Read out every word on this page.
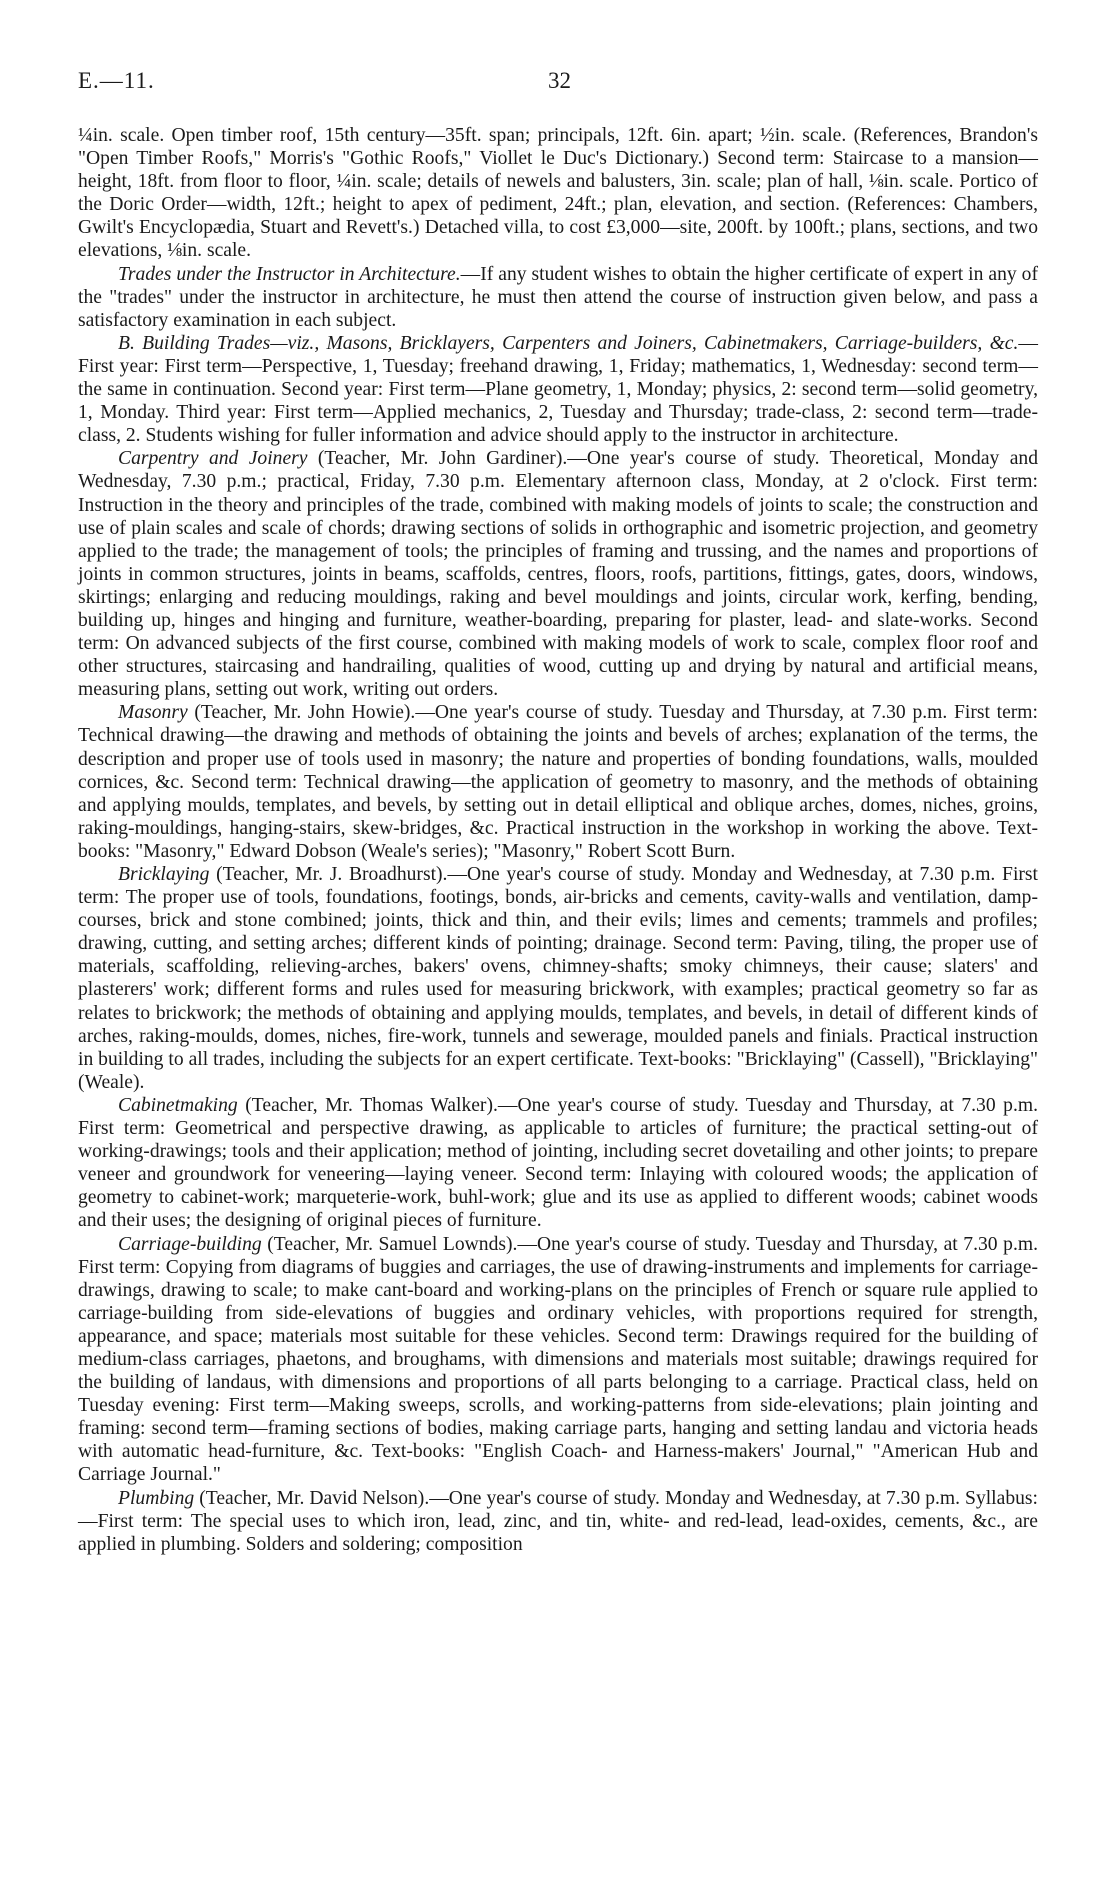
E.—11.	32

¼in. scale. Open timber roof, 15th century—35ft. span; principals, 12ft. 6in. apart; ½in. scale. (References, Brandon's "Open Timber Roofs," Morris's "Gothic Roofs," Viollet le Duc's Dictionary.) Second term: Staircase to a mansion—height, 18ft. from floor to floor, ¼in. scale; details of newels and balusters, 3in. scale; plan of hall, ⅛in. scale. Portico of the Doric Order—width, 12ft.; height to apex of pediment, 24ft.; plan, elevation, and section. (References: Chambers, Gwilt's Encyclopædia, Stuart and Revett's.) Detached villa, to cost £3,000—site, 200ft. by 100ft.; plans, sections, and two elevations, ⅛in. scale.

Trades under the Instructor in Architecture.—If any student wishes to obtain the higher certificate of expert in any of the "trades" under the instructor in architecture, he must then attend the course of instruction given below, and pass a satisfactory examination in each subject.

B. Building Trades—viz., Masons, Bricklayers, Carpenters and Joiners, Cabinetmakers, Carriage-builders, &c.—First year: First term—Perspective, 1, Tuesday; freehand drawing, 1, Friday; mathematics, 1, Wednesday: second term—the same in continuation. Second year: First term—Plane geometry, 1, Monday; physics, 2: second term—solid geometry, 1, Monday. Third year: First term—Applied mechanics, 2, Tuesday and Thursday; trade-class, 2: second term—trade-class, 2. Students wishing for fuller information and advice should apply to the instructor in architecture.

Carpentry and Joinery (Teacher, Mr. John Gardiner).—One year's course of study. Theoretical, Monday and Wednesday, 7.30 p.m.; practical, Friday, 7.30 p.m. Elementary afternoon class, Monday, at 2 o'clock. First term: Instruction in the theory and principles of the trade, combined with making models of joints to scale; the construction and use of plain scales and scale of chords; drawing sections of solids in orthographic and isometric projection, and geometry applied to the trade; the management of tools; the principles of framing and trussing, and the names and proportions of joints in common structures, joints in beams, scaffolds, centres, floors, roofs, partitions, fittings, gates, doors, windows, skirtings; enlarging and reducing mouldings, raking and bevel mouldings and joints, circular work, kerfing, bending, building up, hinges and hinging and furniture, weather-boarding, preparing for plaster, lead- and slate-works. Second term: On advanced subjects of the first course, combined with making models of work to scale, complex floor roof and other structures, staircasing and handrailing, qualities of wood, cutting up and drying by natural and artificial means, measuring plans, setting out work, writing out orders.

Masonry (Teacher, Mr. John Howie).—One year's course of study. Tuesday and Thursday, at 7.30 p.m. First term: Technical drawing—the drawing and methods of obtaining the joints and bevels of arches; explanation of the terms, the description and proper use of tools used in masonry; the nature and properties of bonding foundations, walls, moulded cornices, &c. Second term: Technical drawing—the application of geometry to masonry, and the methods of obtaining and applying moulds, templates, and bevels, by setting out in detail elliptical and oblique arches, domes, niches, groins, raking-mouldings, hanging-stairs, skew-bridges, &c. Practical instruction in the workshop in working the above. Text-books: "Masonry," Edward Dobson (Weale's series); "Masonry," Robert Scott Burn.

Bricklaying (Teacher, Mr. J. Broadhurst).—One year's course of study. Monday and Wednesday, at 7.30 p.m. First term: The proper use of tools, foundations, footings, bonds, air-bricks and cements, cavity-walls and ventilation, damp-courses, brick and stone combined; joints, thick and thin, and their evils; limes and cements; trammels and profiles; drawing, cutting, and setting arches; different kinds of pointing; drainage. Second term: Paving, tiling, the proper use of materials, scaffolding, relieving-arches, bakers' ovens, chimney-shafts; smoky chimneys, their cause; slaters' and plasterers' work; different forms and rules used for measuring brickwork, with examples; practical geometry so far as relates to brickwork; the methods of obtaining and applying moulds, templates, and bevels, in detail of different kinds of arches, raking-moulds, domes, niches, fire-work, tunnels and sewerage, moulded panels and finials. Practical instruction in building to all trades, including the subjects for an expert certificate. Text-books: "Bricklaying" (Cassell), "Bricklaying" (Weale).

Cabinetmaking (Teacher, Mr. Thomas Walker).—One year's course of study. Tuesday and Thursday, at 7.30 p.m. First term: Geometrical and perspective drawing, as applicable to articles of furniture; the practical setting-out of working-drawings; tools and their application; method of jointing, including secret dovetailing and other joints; to prepare veneer and groundwork for veneering—laying veneer. Second term: Inlaying with coloured woods; the application of geometry to cabinet-work; marqueterie-work, buhl-work; glue and its use as applied to different woods; cabinet woods and their uses; the designing of original pieces of furniture.

Carriage-building (Teacher, Mr. Samuel Lownds).—One year's course of study. Tuesday and Thursday, at 7.30 p.m. First term: Copying from diagrams of buggies and carriages, the use of drawing-instruments and implements for carriage-drawings, drawing to scale; to make cant-board and working-plans on the principles of French or square rule applied to carriage-building from side-elevations of buggies and ordinary vehicles, with proportions required for strength, appearance, and space; materials most suitable for these vehicles. Second term: Drawings required for the building of medium-class carriages, phaetons, and broughams, with dimensions and materials most suitable; drawings required for the building of landaus, with dimensions and proportions of all parts belonging to a carriage. Practical class, held on Tuesday evening: First term—Making sweeps, scrolls, and working-patterns from side-elevations; plain jointing and framing: second term—framing sections of bodies, making carriage parts, hanging and setting landau and victoria heads with automatic head-furniture, &c. Text-books: "English Coach- and Harness-makers' Journal," "American Hub and Carriage Journal."

Plumbing (Teacher, Mr. David Nelson).—One year's course of study. Monday and Wednesday, at 7.30 p.m. Syllabus:—First term: The special uses to which iron, lead, zinc, and tin, white- and red-lead, lead-oxides, cements, &c., are applied in plumbing. Solders and soldering; composition
